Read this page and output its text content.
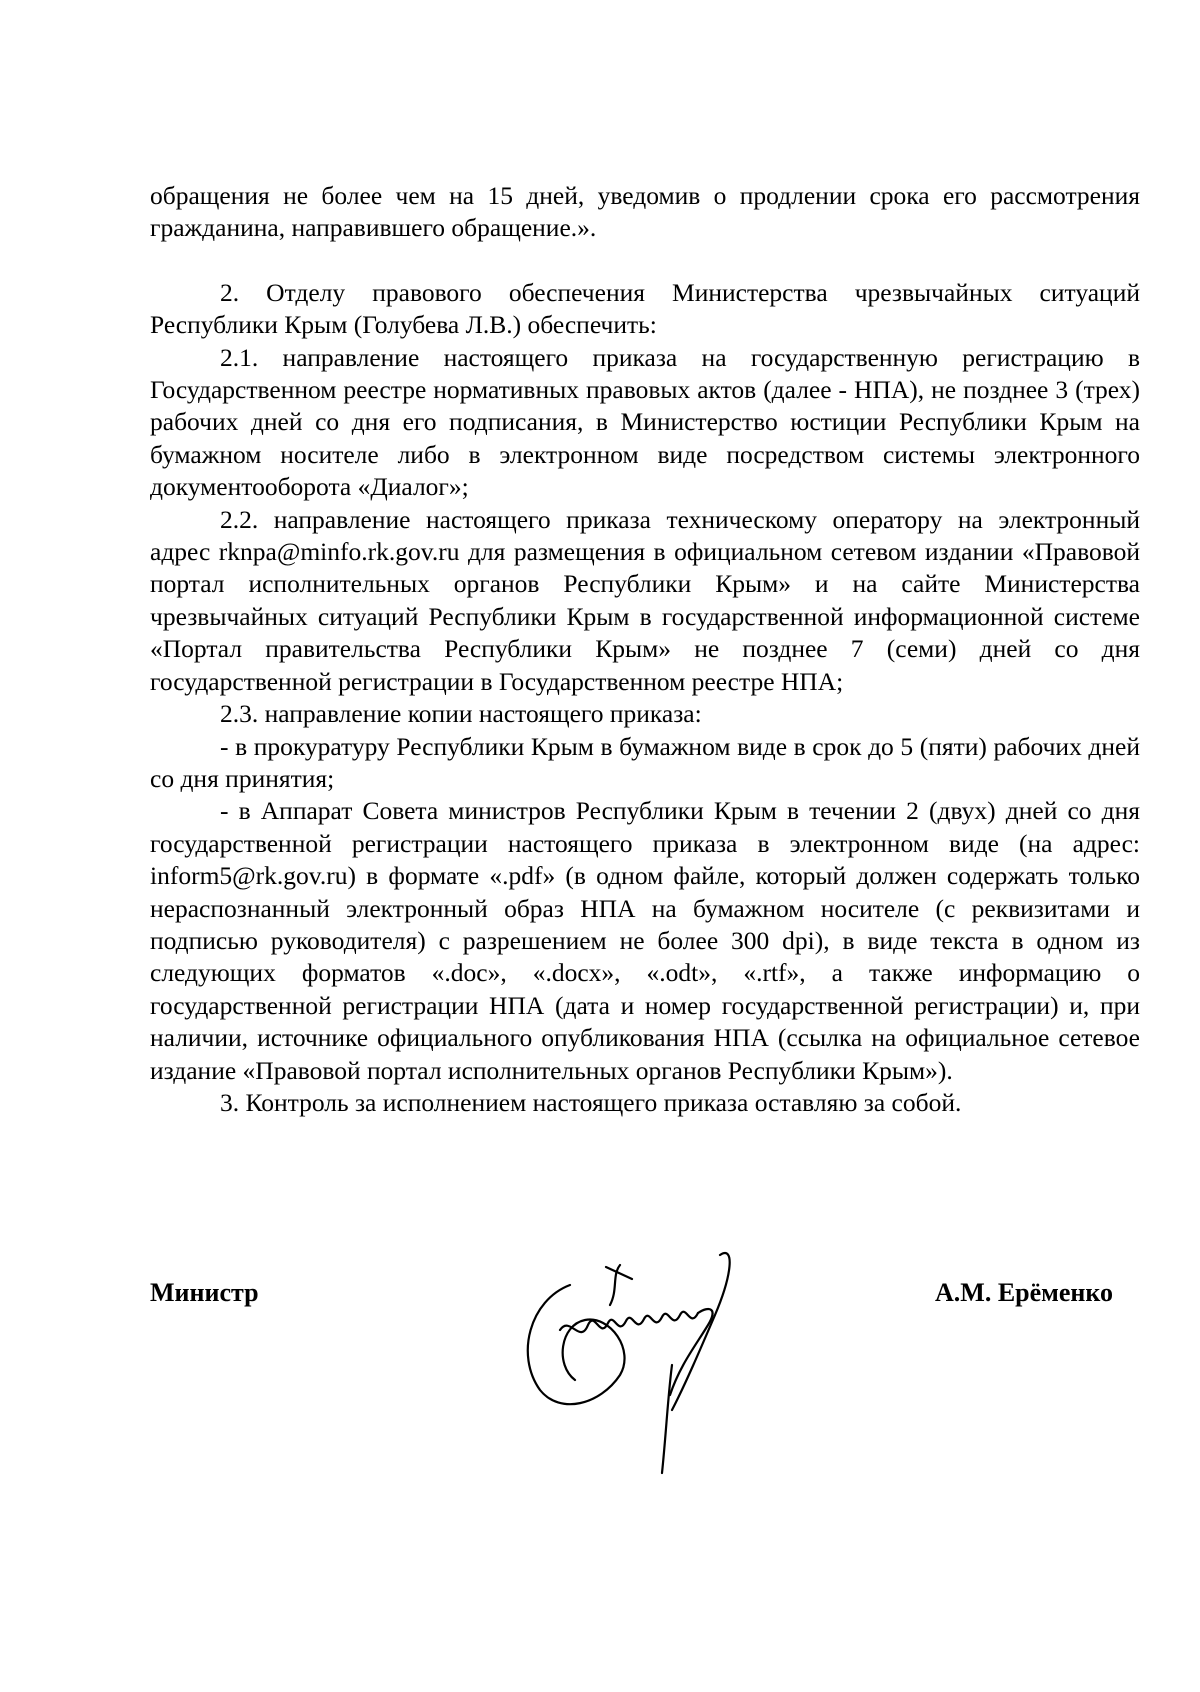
обращения не более чем на 15 дней, уведомив о продлении срока его рассмотрения гражданина, направившего обращение.».

2. Отделу правового обеспечения Министерства чрезвычайных ситуаций Республики Крым (Голубева Л.В.) обеспечить:

2.1. направление настоящего приказа на государственную регистрацию в Государственном реестре нормативных правовых актов (далее - НПА), не позднее 3 (трех) рабочих дней со дня его подписания, в Министерство юстиции Республики Крым на бумажном носителе либо в электронном виде посредством системы электронного документооборота «Диалог»;

2.2. направление настоящего приказа техническому оператору на электронный адрес rknpa@minfo.rk.gov.ru для размещения в официальном сетевом издании «Правовой портал исполнительных органов Республики Крым» и на сайте Министерства чрезвычайных ситуаций Республики Крым в государственной информационной системе «Портал правительства Республики Крым» не позднее 7 (семи) дней со дня государственной регистрации в Государственном реестре НПА;

2.3. направление копии настоящего приказа:

- в прокуратуру Республики Крым в бумажном виде в срок до 5 (пяти) рабочих дней со дня принятия;

- в Аппарат Совета министров Республики Крым в течении 2 (двух) дней со дня государственной регистрации настоящего приказа в электронном виде (на адрес: inform5@rk.gov.ru) в формате «.pdf» (в одном файле, который должен содержать только нераспознанный электронный образ НПА на бумажном носителе (с реквизитами и подписью руководителя) с разрешением не более 300 dpi), в виде текста в одном из следующих форматов «.doc», «.docx», «.odt», «.rtf», а также информацию о государственной регистрации НПА (дата и номер государственной регистрации) и, при наличии, источнике официального опубликования НПА (ссылка на официальное сетевое издание «Правовой портал исполнительных органов Республики Крым»).

3. Контроль за исполнением настоящего приказа оставляю за собой.

Министр	А.М. Ерёменко
